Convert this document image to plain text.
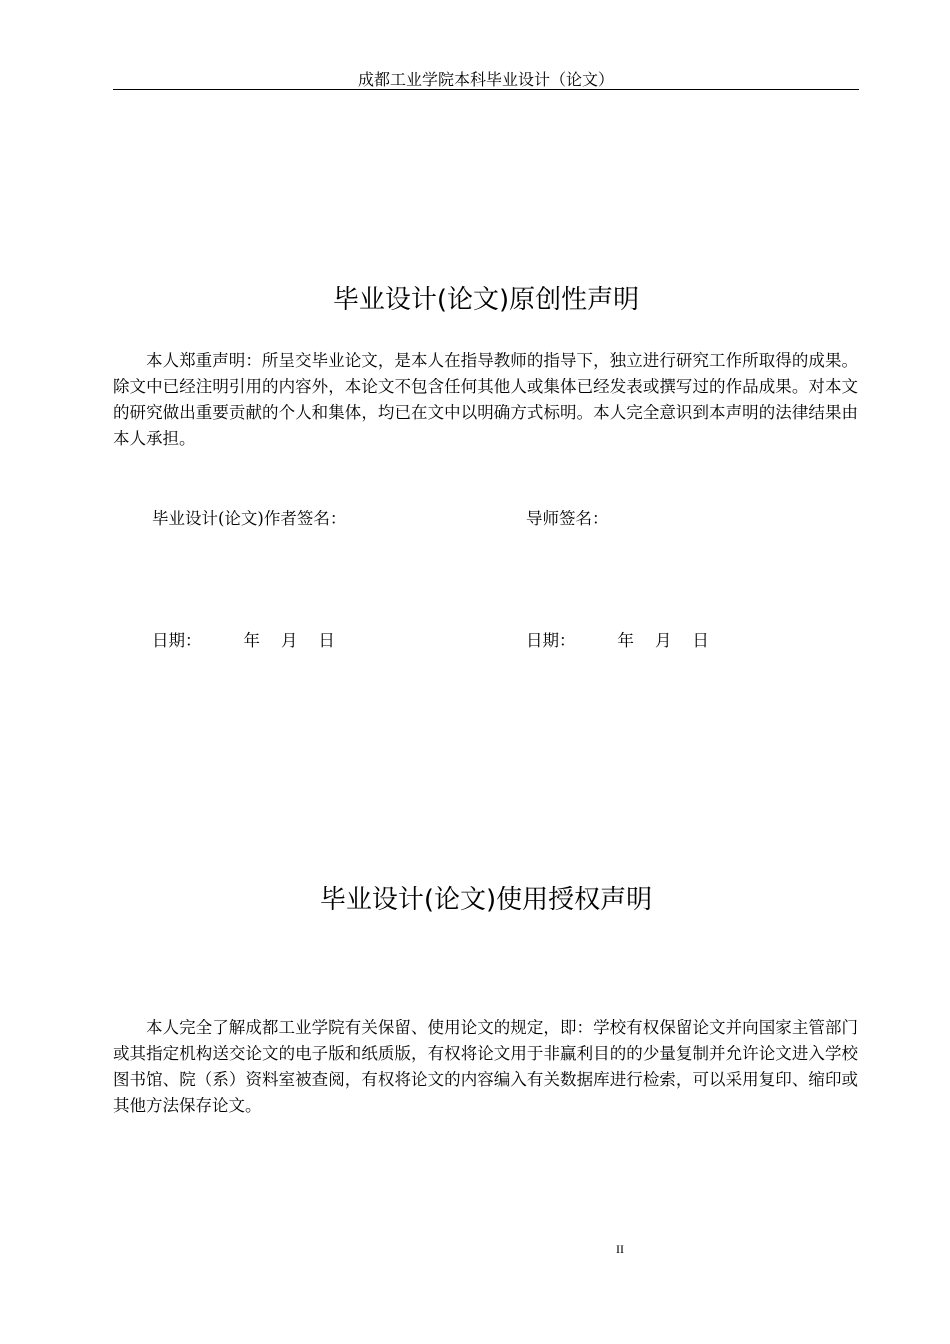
成都工业学院本科毕业设计（论文）
毕业设计(论文)原创性声明

本人郑重声明：所呈交毕业论文，是本人在指导教师的指导下，独立进行研究工作所取得的成果。除文中已经注明引用的内容外，本论文不包含任何其他人或集体已经发表或撰写过的作品成果。对本文的研究做出重要贡献的个人和集体，均已在文中以明确方式标明。本人完全意识到本声明的法律结果由本人承担。

毕业设计(论文)作者签名：	导师签名：
日期：        年    月    日	日期：        年    月    日
毕业设计(论文)使用授权声明

本人完全了解成都工业学院有关保留、使用论文的规定，即：学校有权保留论文并向国家主管部门或其指定机构送交论文的电子版和纸质版，有权将论文用于非赢利目的的少量复制并允许论文进入学校图书馆、院（系）资料室被查阅，有权将论文的内容编入有关数据库进行检索，可以采用复印、缩印或其他方法保存论文。

II
